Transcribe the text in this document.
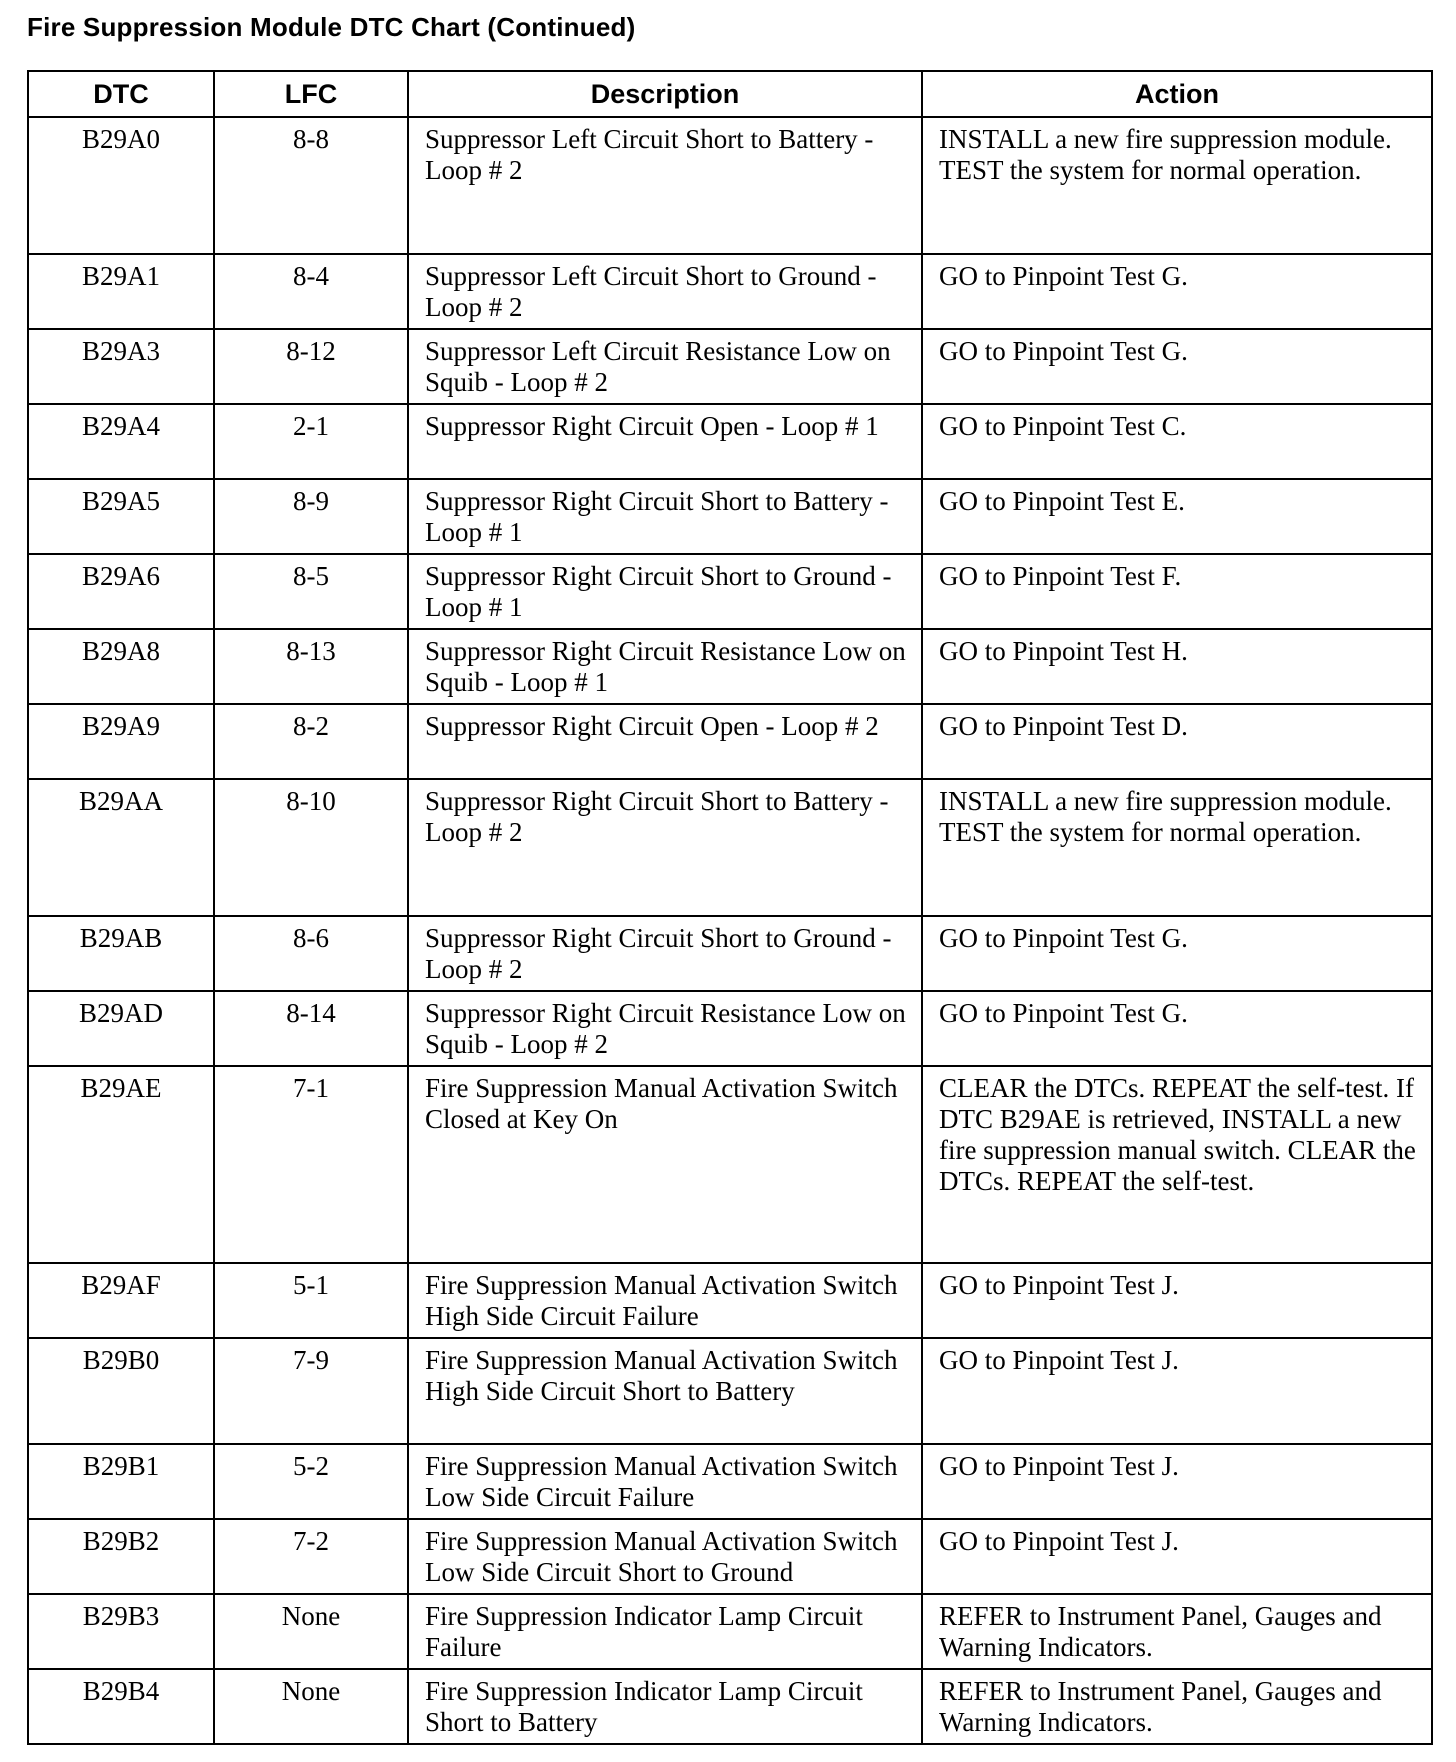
Fire Suppression Module DTC Chart (Continued)
DTC	LFC	Description	Action
B29A0	8-8	Suppressor Left Circuit Short to Battery - Loop # 2	INSTALL a new fire suppression module. TEST the system for normal operation.
B29A1	8-4	Suppressor Left Circuit Short to Ground - Loop # 2	GO to Pinpoint Test G.
B29A3	8-12	Suppressor Left Circuit Resistance Low on Squib - Loop # 2	GO to Pinpoint Test G.
B29A4	2-1	Suppressor Right Circuit Open - Loop # 1	GO to Pinpoint Test C.
B29A5	8-9	Suppressor Right Circuit Short to Battery - Loop # 1	GO to Pinpoint Test E.
B29A6	8-5	Suppressor Right Circuit Short to Ground - Loop # 1	GO to Pinpoint Test F.
B29A8	8-13	Suppressor Right Circuit Resistance Low on Squib - Loop # 1	GO to Pinpoint Test H.
B29A9	8-2	Suppressor Right Circuit Open - Loop # 2	GO to Pinpoint Test D.
B29AA	8-10	Suppressor Right Circuit Short to Battery - Loop # 2	INSTALL a new fire suppression module. TEST the system for normal operation.
B29AB	8-6	Suppressor Right Circuit Short to Ground - Loop # 2	GO to Pinpoint Test G.
B29AD	8-14	Suppressor Right Circuit Resistance Low on Squib - Loop # 2	GO to Pinpoint Test G.
B29AE	7-1	Fire Suppression Manual Activation Switch Closed at Key On	CLEAR the DTCs. REPEAT the self-test. If DTC B29AE is retrieved, INSTALL a new fire suppression manual switch. CLEAR the DTCs. REPEAT the self-test.
B29AF	5-1	Fire Suppression Manual Activation Switch High Side Circuit Failure	GO to Pinpoint Test J.
B29B0	7-9	Fire Suppression Manual Activation Switch High Side Circuit Short to Battery	GO to Pinpoint Test J.
B29B1	5-2	Fire Suppression Manual Activation Switch Low Side Circuit Failure	GO to Pinpoint Test J.
B29B2	7-2	Fire Suppression Manual Activation Switch Low Side Circuit Short to Ground	GO to Pinpoint Test J.
B29B3	None	Fire Suppression Indicator Lamp Circuit Failure	REFER to Instrument Panel, Gauges and Warning Indicators.
B29B4	None	Fire Suppression Indicator Lamp Circuit Short to Battery	REFER to Instrument Panel, Gauges and Warning Indicators.
